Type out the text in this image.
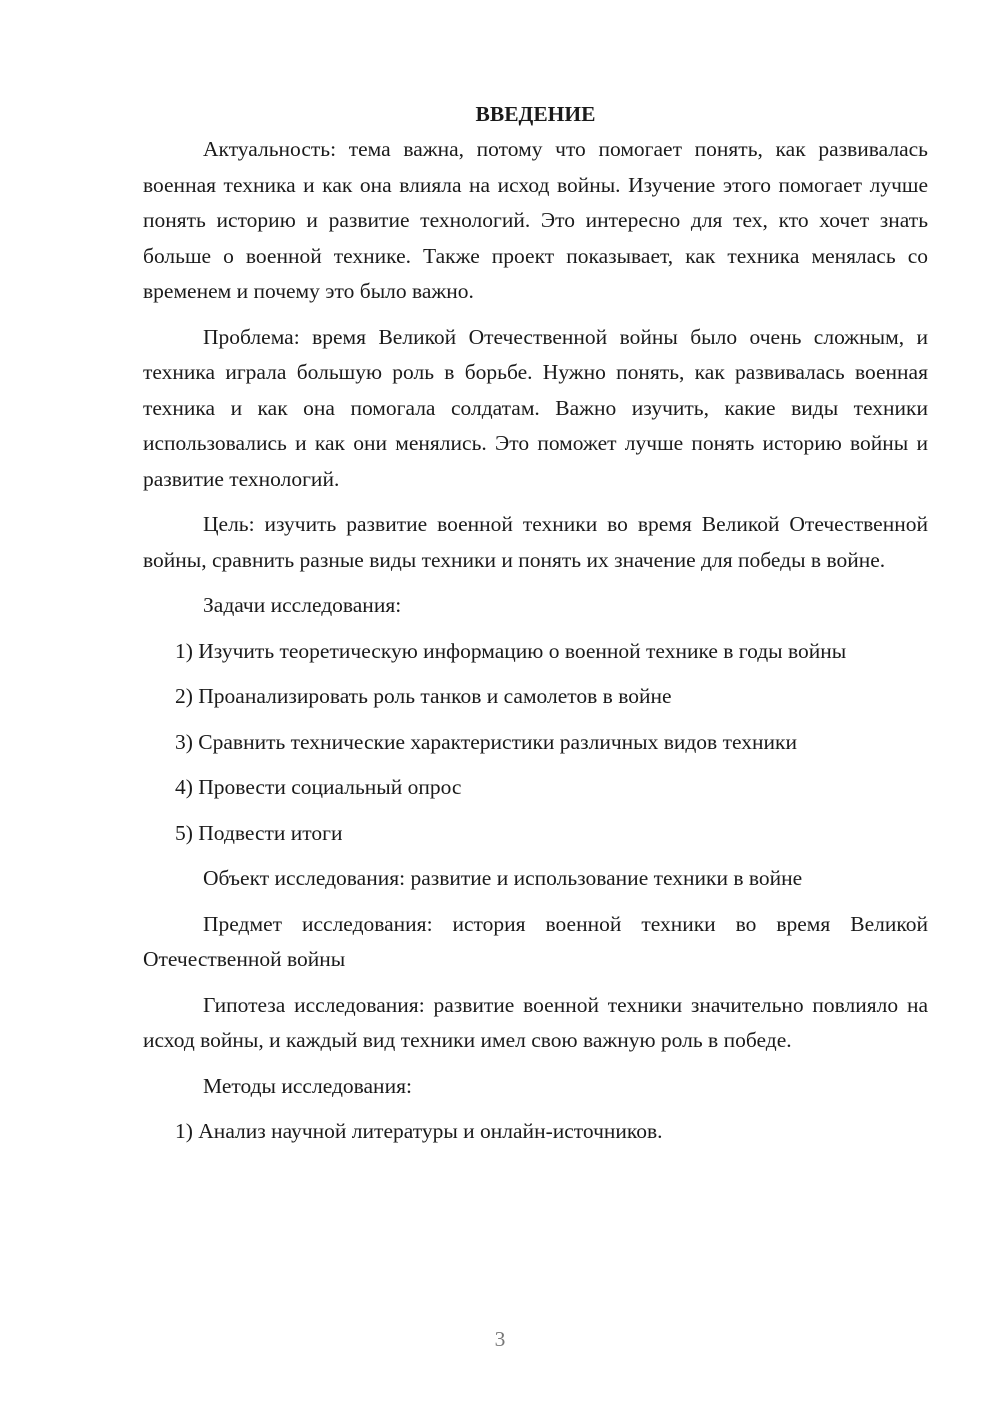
ВВЕДЕНИЕ

Актуальность: тема важна, потому что помогает понять, как развивалась военная техника и как она влияла на исход войны. Изучение этого помогает лучше понять историю и развитие технологий. Это интересно для тех, кто хочет знать больше о военной технике. Также проект показывает, как техника менялась со временем и почему это было важно.

Проблема: время Великой Отечественной войны было очень сложным, и техника играла большую роль в борьбе. Нужно понять, как развивалась военная техника и как она помогала солдатам. Важно изучить, какие виды техники использовались и как они менялись. Это поможет лучше понять историю войны и развитие технологий.

Цель: изучить развитие военной техники во время Великой Отечественной войны, сравнить разные виды техники и понять их значение для победы в войне.

Задачи исследования:

1) Изучить теоретическую информацию о военной технике в годы войны

2) Проанализировать роль танков и самолетов в войне

3) Сравнить технические характеристики различных видов техники

4) Провести социальный опрос

5) Подвести итоги

Объект исследования: развитие и использование техники в войне

Предмет исследования: история военной техники во время Великой Отечественной войны

Гипотеза исследования: развитие военной техники значительно повлияло на исход войны, и каждый вид техники имел свою важную роль в победе.

Методы исследования:

1) Анализ научной литературы и онлайн-источников.

3
